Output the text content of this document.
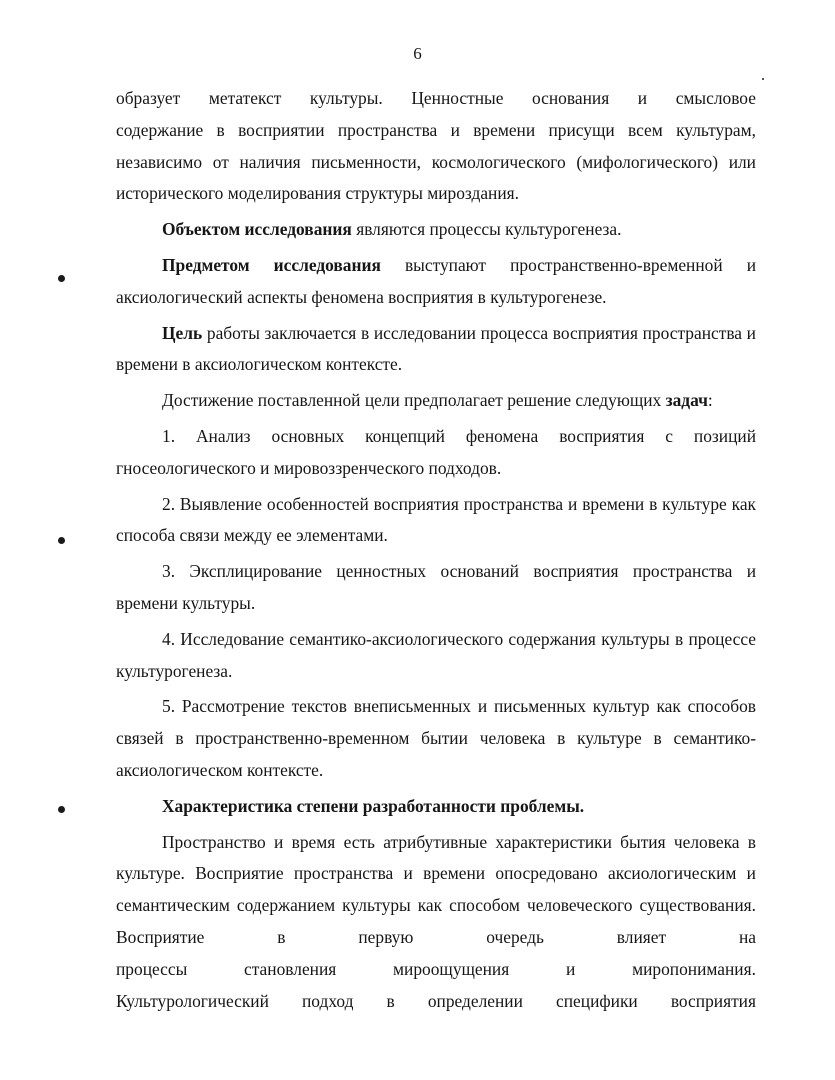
6
образует метатекст культуры. Ценностные основания и смысловое

содержание в восприятии пространства и времени присущи всем культурам, независимо от наличия письменности, космологического (мифологического) или исторического моделирования структуры мироздания.

Объектом исследования являются процессы культурогенеза.

Предметом исследования выступают пространственно-временной и аксиологический аспекты феномена восприятия в культурогенезе.

Цель работы заключается в исследовании процесса восприятия пространства и времени в аксиологическом контексте.

Достижение поставленной цели предполагает решение следующих задач:

1. Анализ основных концепций феномена восприятия с позиций гносеологического и мировоззренческого подходов.

2. Выявление особенностей восприятия пространства и времени в культуре как способа связи между ее элементами.

3. Эксплицирование ценностных оснований восприятия пространства и времени культуры.

4. Исследование семантико-аксиологического содержания культуры в процессе культурогенеза.

5. Рассмотрение текстов внеписьменных и письменных культур как способов связей в пространственно-временном бытии человека в культуре в семантико-аксиологическом контексте.

Характеристика степени разработанности проблемы.

Пространство и время есть атрибутивные характеристики бытия человека в культуре. Восприятие пространства и времени опосредовано аксиологическим и семантическим содержанием культуры как способом человеческого существования. Восприятие в первую очередь влияет на

процессы	становления	мироощущения	и	миропонимания.

Культурологический подход в определении специфики восприятия
